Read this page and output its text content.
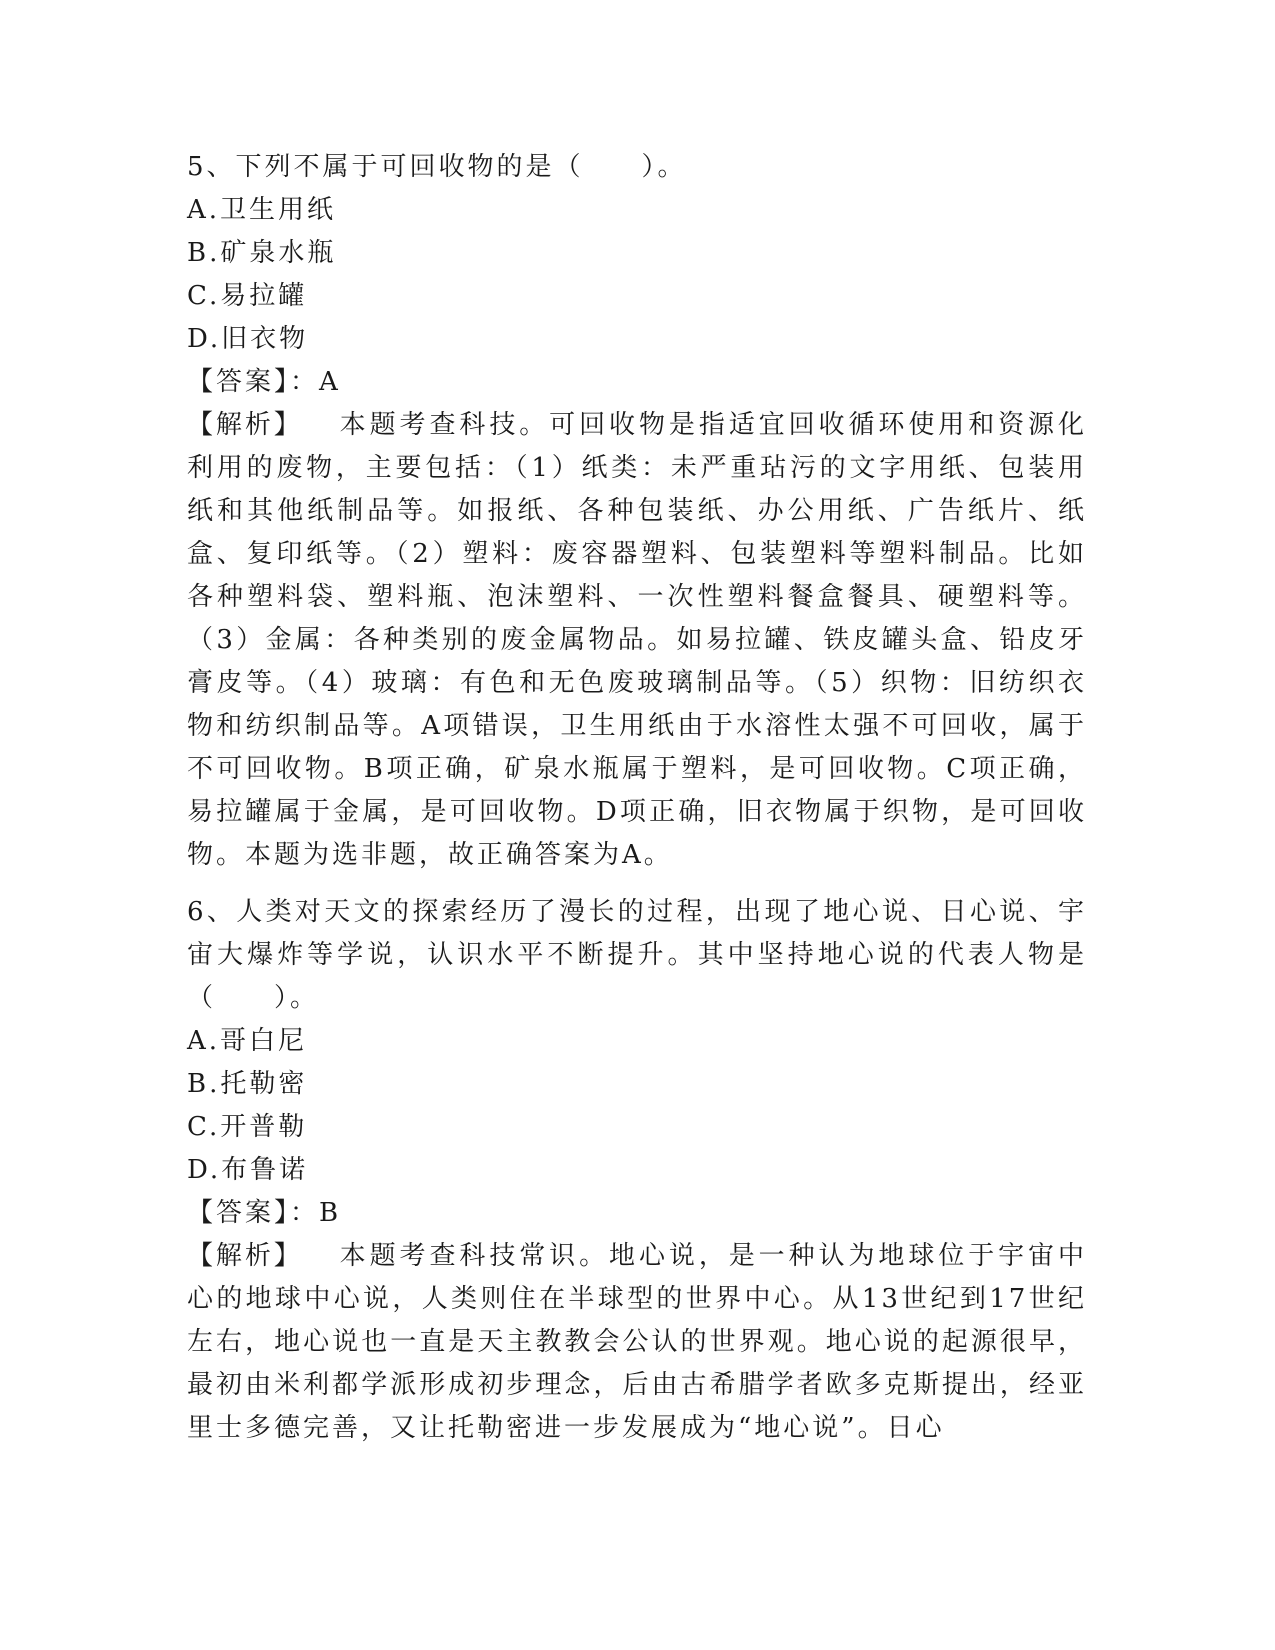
5、下列不属于可回收物的是（　　）。

A.卫生用纸
B.矿泉水瓶
C.易拉罐
D.旧衣物
【答案】：A

【解析】 本题考查科技。可回收物是指适宜回收循环使用和资源化利用的废物，主要包括：（1）纸类：未严重玷污的文字用纸、包装用纸和其他纸制品等。如报纸、各种包装纸、办公用纸、广告纸片、纸盒、复印纸等。（2）塑料：废容器塑料、包装塑料等塑料制品。比如各种塑料袋、塑料瓶、泡沫塑料、一次性塑料餐盒餐具、硬塑料等。（3）金属：各种类别的废金属物品。如易拉罐、铁皮罐头盒、铅皮牙膏皮等。（4）玻璃：有色和无色废玻璃制品等。（5）织物：旧纺织衣物和纺织制品等。A项错误，卫生用纸由于水溶性太强不可回收，属于不可回收物。B项正确，矿泉水瓶属于塑料，是可回收物。C项正确，易拉罐属于金属，是可回收物。D项正确，旧衣物属于织物，是可回收物。本题为选非题，故正确答案为A。

6、人类对天文的探索经历了漫长的过程，出现了地心说、日心说、宇宙大爆炸等学说，认识水平不断提升。其中坚持地心说的代表人物是（　　）。

A.哥白尼
B.托勒密
C.开普勒
D.布鲁诺
【答案】：B

【解析】 本题考查科技常识。地心说，是一种认为地球位于宇宙中心的地球中心说，人类则住在半球型的世界中心。从13世纪到17世纪左右，地心说也一直是天主教教会公认的世界观。地心说的起源很早，最初由米利都学派形成初步理念，后由古希腊学者欧多克斯提出，经亚里士多德完善，又让托勒密进一步发展成为“地心说”。日心
